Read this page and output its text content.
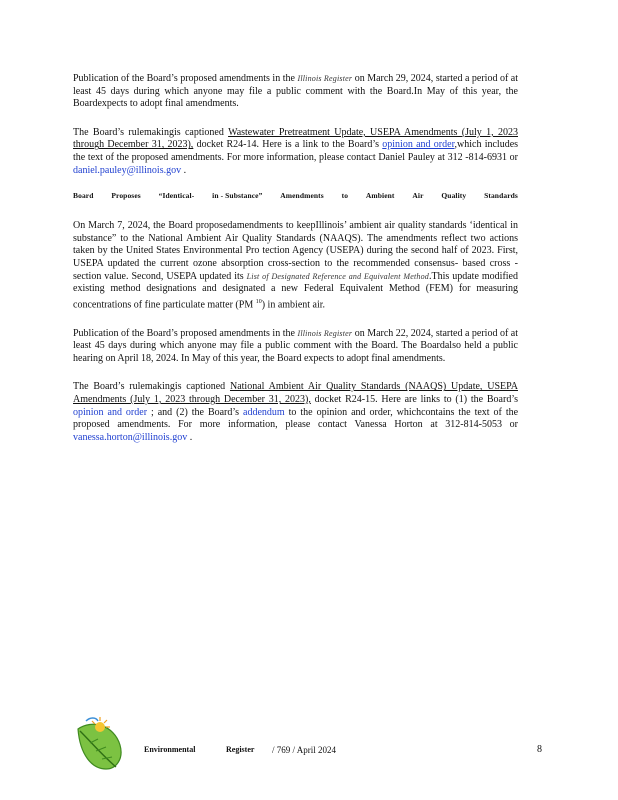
Publication of the Board’s proposed amendments in the Illinois Register on March 29, 2024, started a period of at least 45 days during which anyone may file a public comment with the Board.In May of this year, the Boardexpects to adopt final amendments.

The Board’s rulemakingis captioned Wastewater Pretreatment Update, USEPA Amendments (July 1, 2023 through December 31, 2023), docket R24-14. Here is a link to the Board’s opinion and order,which includes the text of the proposed amendments. For more information, please contact Daniel Pauley at 312 -814-6931 or daniel.pauley@illinois.gov .

Board Proposes “Identical- in - Substance” Amendments to Ambient Air Quality Standards

On March 7, 2024, the Board proposedamendments to keepIllinois’ ambient air quality standards ‘identical in substance” to the National Ambient Air Quality Standards (NAAQS). The amendments reflect two actions taken by the United States Environmental Pro tection Agency (USEPA) during the second half of 2023. First, USEPA updated the current ozone absorption cross-section to the recommended consensus- based cross -section value. Second, USEPA updated its List of Designated Reference and Equivalent Method.This update modified existing method designations and designated a new Federal Equivalent Method (FEM) for measuring concentrations of fine particulate matter (PM $^{10}$) in ambient air.

Publication of the Board’s proposed amendments in the Illinois Register on March 22, 2024, started a period of at least 45 days during which anyone may file a public comment with the Board. The Boardalso held a public hearing on April 18, 2024. In May of this year, the Board expects to adopt final amendments.

The Board’s rulemakingis captioned National Ambient Air Quality Standards (NAAQS) Update, USEPA Amendments (July 1, 2023 through December 31, 2023), docket R24-15. Here are links to (1) the Board’s opinion and order ; and (2) the Board’s addendum to the opinion and order, whichcontains the text of the proposed amendments. For more information, please contact Vanessa Horton at 312-814-5053 or vanessa.horton@illinois.gov .

Environmental	Register	/ 769 / April 2024	8
